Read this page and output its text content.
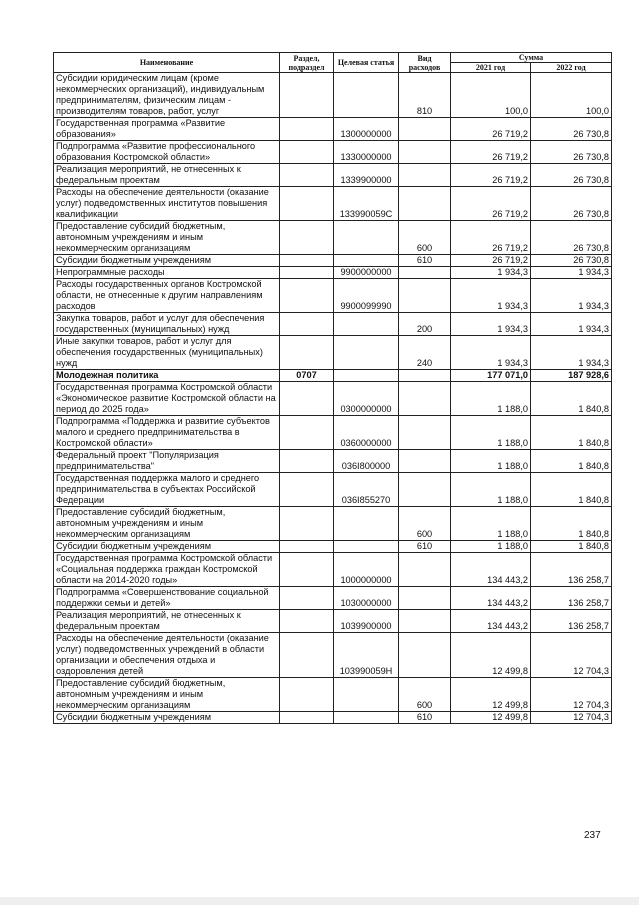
Наименование	Раздел, подраздел	Целевая статья	Вид расходов	Сумма	
				2021 год	2022 год
Субсидии юридическим лицам (кроме некоммерческих организаций), индивидуальным предпринимателям, физическим лицам - производителям товаров, работ, услуг			810	100,0	100,0
Государственная программа «Развитие образования»		1300000000		26 719,2	26 730,8
Подпрограмма «Развитие профессионального образования Костромской области»		1330000000		26 719,2	26 730,8
Реализация мероприятий, не отнесенных к федеральным проектам		1339900000		26 719,2	26 730,8
Расходы на обеспечение деятельности (оказание услуг) подведомственных институтов повышения квалификации		133990059С		26 719,2	26 730,8
Предоставление субсидий бюджетным, автономным учреждениям и иным некоммерческим организациям			600	26 719,2	26 730,8
Субсидии бюджетным учреждениям			610	26 719,2	26 730,8
Непрограммные расходы		9900000000		1 934,3	1 934,3
Расходы государственных органов Костромской области, не отнесенные к другим направлениям расходов		9900099990		1 934,3	1 934,3
Закупка товаров, работ и услуг для обеспечения государственных (муниципальных) нужд			200	1 934,3	1 934,3
Иные закупки товаров, работ и услуг для обеспечения государственных (муниципальных) нужд			240	1 934,3	1 934,3
Молодежная политика	0707			177 071,0	187 928,6
Государственная программа Костромской области «Экономическое развитие Костромской области на период до 2025 года»		0300000000		1 188,0	1 840,8
Подпрограмма «Поддержка и развитие субъектов малого и среднего предпринимательства в Костромской области»		0360000000		1 188,0	1 840,8
Федеральный проект "Популяризация предпринимательства"		036I800000		1 188,0	1 840,8
Государственная поддержка малого и среднего предпринимательства в субъектах Российской Федерации		036I855270		1 188,0	1 840,8
Предоставление субсидий бюджетным, автономным учреждениям и иным некоммерческим организациям			600	1 188,0	1 840,8
Субсидии бюджетным учреждениям			610	1 188,0	1 840,8
Государственная программа Костромской области «Социальная поддержка граждан Костромской области на 2014-2020 годы»		1000000000		134 443,2	136 258,7
Подпрограмма «Совершенствование социальной поддержки семьи и детей»		1030000000		134 443,2	136 258,7
Реализация мероприятий, не отнесенных к федеральным проектам		1039900000		134 443,2	136 258,7
Расходы на обеспечение деятельности (оказание услуг) подведомственных учреждений в области организации и обеспечения отдыха и оздоровления детей		103990059Н		12 499,8	12 704,3
Предоставление субсидий бюджетным, автономным учреждениям и иным некоммерческим организациям			600	12 499,8	12 704,3
Субсидии бюджетным учреждениям			610	12 499,8	12 704,3
237
